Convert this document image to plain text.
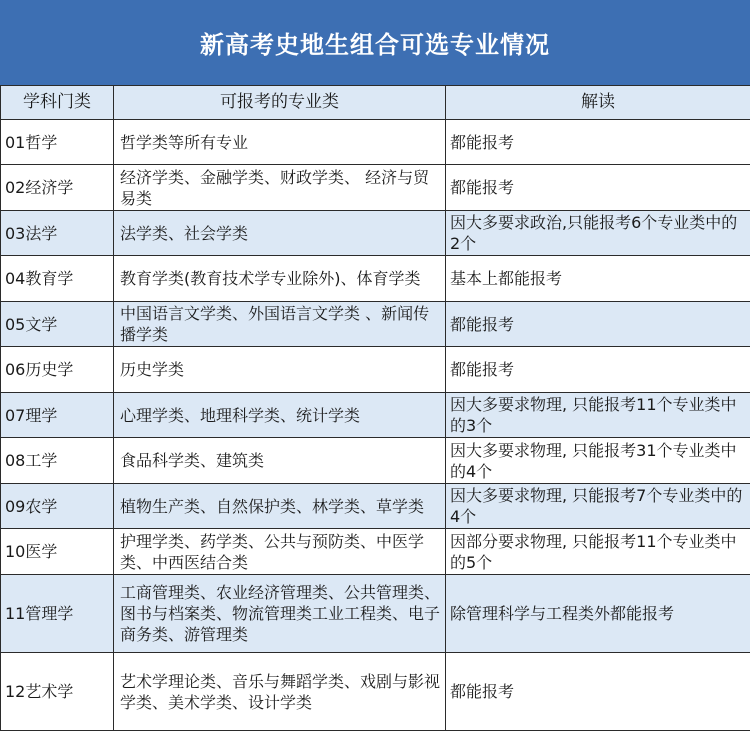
新高考史地生组合可选专业情况
学科门类	可报考的专业类	解读
01哲学	哲学类等所有专业	都能报考
02经济学	经济学类、金融学类、财政学类、 经济与贸易类	都能报考
03法学	法学类、社会学类	因大多要求政治,只能报考6个专业类中的2个
04教育学	教育学类(教育技术学专业除外)、体育学类	基本上都能报考
05文学	中国语言文学类、外国语言文学类 、新闻传播学类	都能报考
06历史学	历史学类	都能报考
07理学	心理学类、地理科学类、统计学类	因大多要求物理, 只能报考11个专业类中的3个
08工学	食品科学类、建筑类	因大多要求物理, 只能报考31个专业类中的4个
09农学	植物生产类、自然保护类、林学类、草学类	因大多要求物理, 只能报考7个专业类中的4个
10医学	护理学类、药学类、公共与预防类、中医学类、中西医结合类	因部分要求物理, 只能报考11个专业类中的5个
11管理学	工商管理类、农业经济管理类、公共管理类、图书与档案类、物流管理类工业工程类、电子商务类、游管理类	除管理科学与工程类外都能报考
12艺术学	艺术学理论类、音乐与舞蹈学类、戏剧与影视学类、美术学类、设计学类	都能报考
